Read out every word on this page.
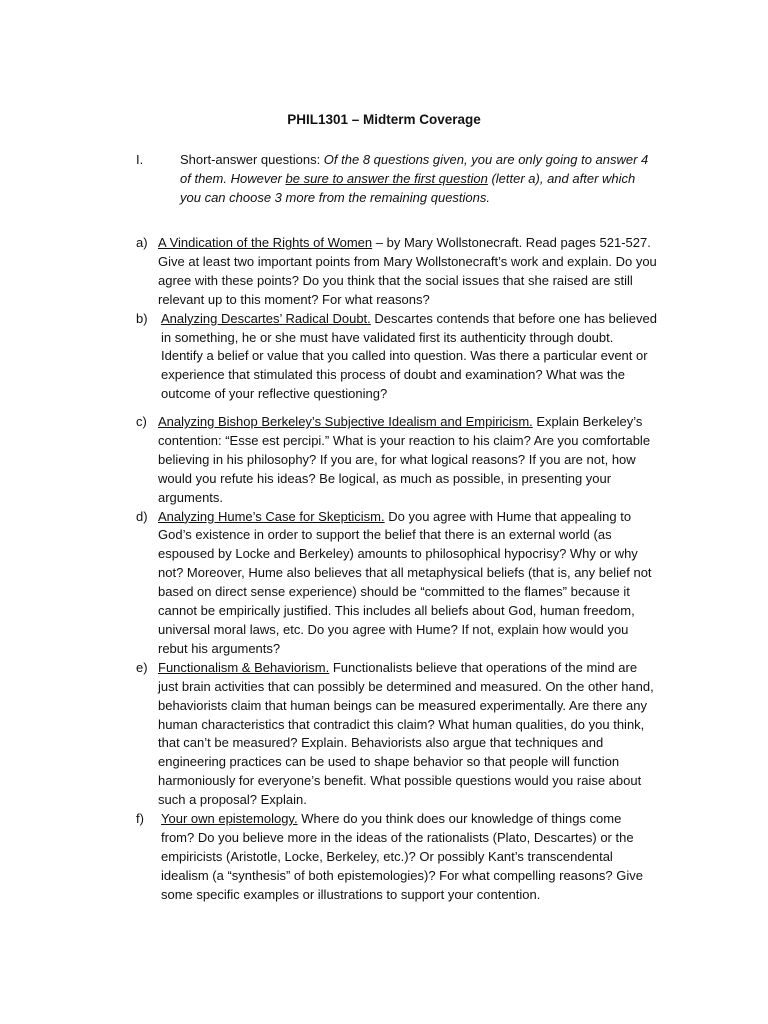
PHIL1301 – Midterm Coverage
I.	Short-answer questions: Of the 8 questions given, you are only going to answer 4 of them. However be sure to answer the first question (letter a), and after which you can choose 3 more from the remaining questions.
a) A Vindication of the Rights of Women – by Mary Wollstonecraft. Read pages 521-527. Give at least two important points from Mary Wollstonecraft’s work and explain. Do you agree with these points? Do you think that the social issues that she raised are still relevant up to this moment? For what reasons?
b) Analyzing Descartes’ Radical Doubt. Descartes contends that before one has believed in something, he or she must have validated first its authenticity through doubt. Identify a belief or value that you called into question. Was there a particular event or experience that stimulated this process of doubt and examination? What was the outcome of your reflective questioning?
c) Analyzing Bishop Berkeley’s Subjective Idealism and Empiricism. Explain Berkeley’s contention: “Esse est percipi.” What is your reaction to his claim? Are you comfortable believing in his philosophy? If you are, for what logical reasons? If you are not, how would you refute his ideas? Be logical, as much as possible, in presenting your arguments.
d) Analyzing Hume’s Case for Skepticism. Do you agree with Hume that appealing to God’s existence in order to support the belief that there is an external world (as espoused by Locke and Berkeley) amounts to philosophical hypocrisy? Why or why not? Moreover, Hume also believes that all metaphysical beliefs (that is, any belief not based on direct sense experience) should be “committed to the flames” because it cannot be empirically justified. This includes all beliefs about God, human freedom, universal moral laws, etc. Do you agree with Hume? If not, explain how would you rebut his arguments?
e) Functionalism & Behaviorism. Functionalists believe that operations of the mind are just brain activities that can possibly be determined and measured. On the other hand, behaviorists claim that human beings can be measured experimentally. Are there any human characteristics that contradict this claim? What human qualities, do you think, that can’t be measured? Explain. Behaviorists also argue that techniques and engineering practices can be used to shape behavior so that people will function harmoniously for everyone’s benefit. What possible questions would you raise about such a proposal? Explain.
f) Your own epistemology. Where do you think does our knowledge of things come from? Do you believe more in the ideas of the rationalists (Plato, Descartes) or the empiricists (Aristotle, Locke, Berkeley, etc.)? Or possibly Kant’s transcendental idealism (a “synthesis” of both epistemologies)? For what compelling reasons? Give some specific examples or illustrations to support your contention.
